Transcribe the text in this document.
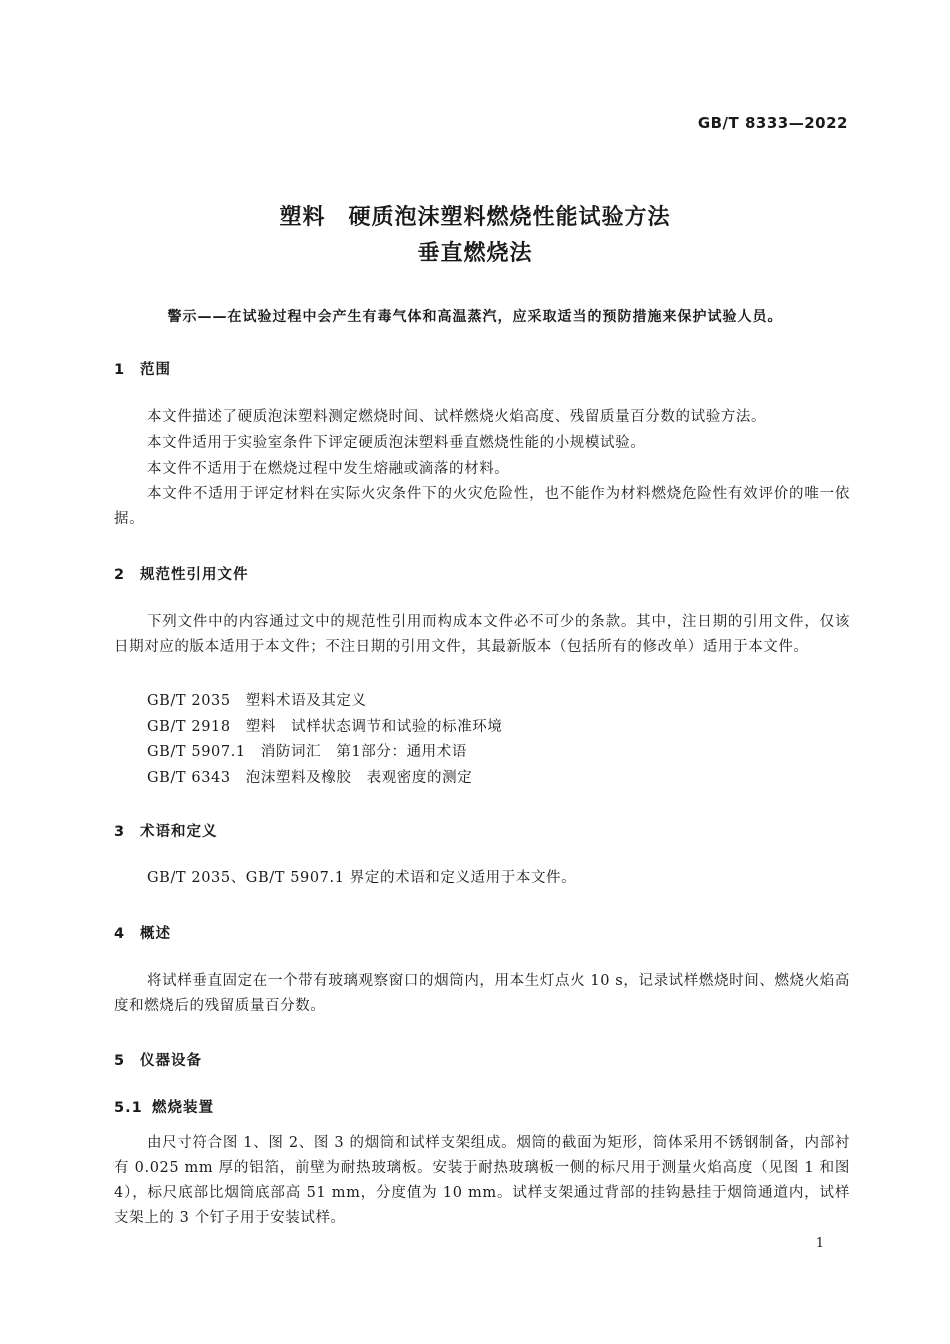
GB/T 8333—2022
塑料　硬质泡沫塑料燃烧性能试验方法
垂直燃烧法
警示——在试验过程中会产生有毒气体和高温蒸汽，应采取适当的预防措施来保护试验人员。
1 范围
本文件描述了硬质泡沫塑料测定燃烧时间、试样燃烧火焰高度、残留质量百分数的试验方法。
本文件适用于实验室条件下评定硬质泡沫塑料垂直燃烧性能的小规模试验。
本文件不适用于在燃烧过程中发生熔融或滴落的材料。
本文件不适用于评定材料在实际火灾条件下的火灾危险性，也不能作为材料燃烧危险性有效评价的唯一依据。
2 规范性引用文件
下列文件中的内容通过文中的规范性引用而构成本文件必不可少的条款。其中，注日期的引用文件，仅该日期对应的版本适用于本文件；不注日期的引用文件，其最新版本（包括所有的修改单）适用于本文件。
GB/T 2035　塑料术语及其定义
GB/T 2918　塑料　试样状态调节和试验的标准环境
GB/T 5907.1　消防词汇　第1部分：通用术语
GB/T 6343　泡沫塑料及橡胶　表观密度的测定
3 术语和定义
GB/T 2035、GB/T 5907.1 界定的术语和定义适用于本文件。
4 概述
将试样垂直固定在一个带有玻璃观察窗口的烟筒内，用本生灯点火 10 s，记录试样燃烧时间、燃烧火焰高度和燃烧后的残留质量百分数。
5 仪器设备
5.1 燃烧装置
由尺寸符合图 1、图 2、图 3 的烟筒和试样支架组成。烟筒的截面为矩形，筒体采用不锈钢制备，内部衬有 0.025 mm 厚的铝箔，前壁为耐热玻璃板。安装于耐热玻璃板一侧的标尺用于测量火焰高度（见图 1 和图 4），标尺底部比烟筒底部高 51 mm，分度值为 10 mm。试样支架通过背部的挂钩悬挂于烟筒通道内，试样支架上的 3 个钉子用于安装试样。
1
